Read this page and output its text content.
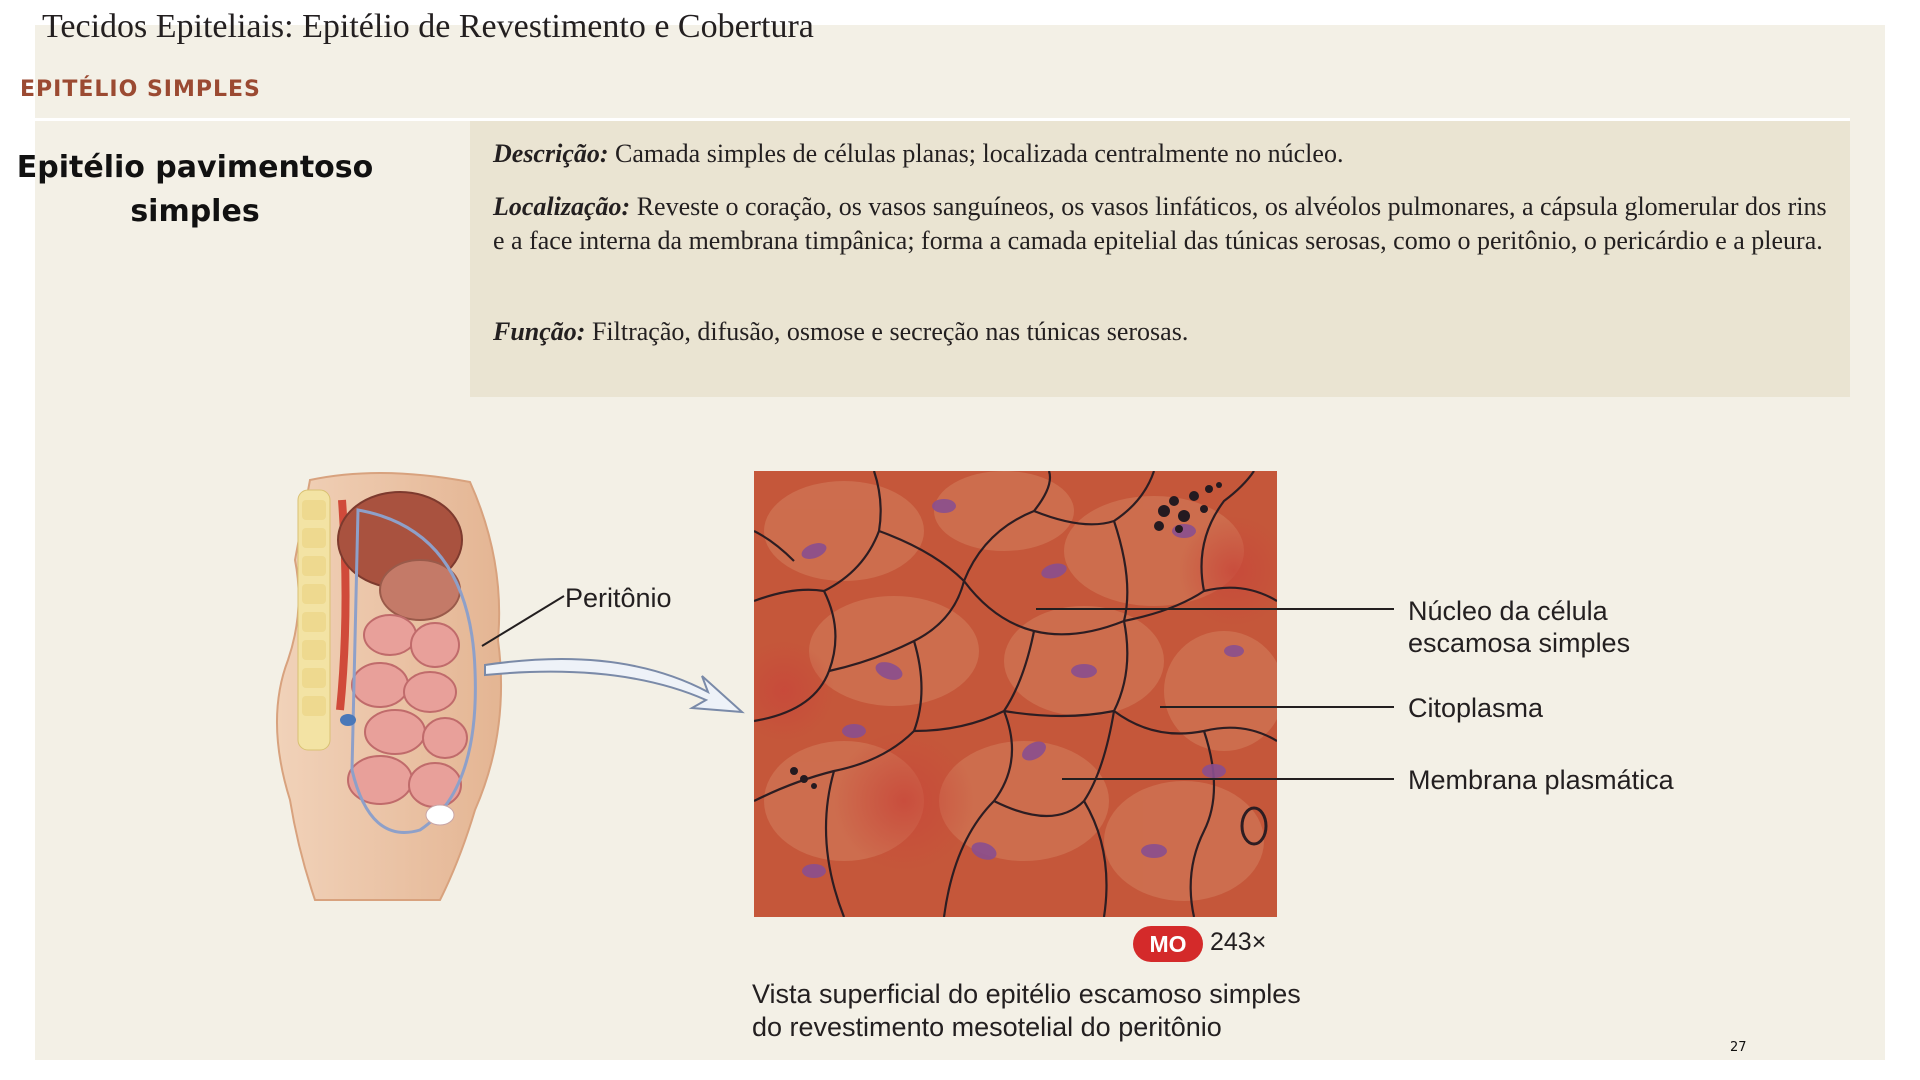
Tecidos Epiteliais: Epitélio de Revestimento e Cobertura
EPITÉLIO SIMPLES
Epitélio pavimentoso
simples
Descrição: Camada simples de células planas; localizada centralmente no núcleo.
Localização: Reveste o coração, os vasos sanguíneos, os vasos linfáticos, os alvéolos pulmonares, a cápsula glomerular dos rins e a face interna da membrana timpânica; forma a camada epitelial das túnicas serosas, como o peritônio, o pericárdio e a pleura.
Função: Filtração, difusão, osmose e secreção nas túnicas serosas.
Peritônio	Núcleo da célula
escamosa simples
Citoplasma
Membrana plasmática
MO 243×
Vista superficial do epitélio escamoso simples
do revestimento mesotelial do peritônio
27
